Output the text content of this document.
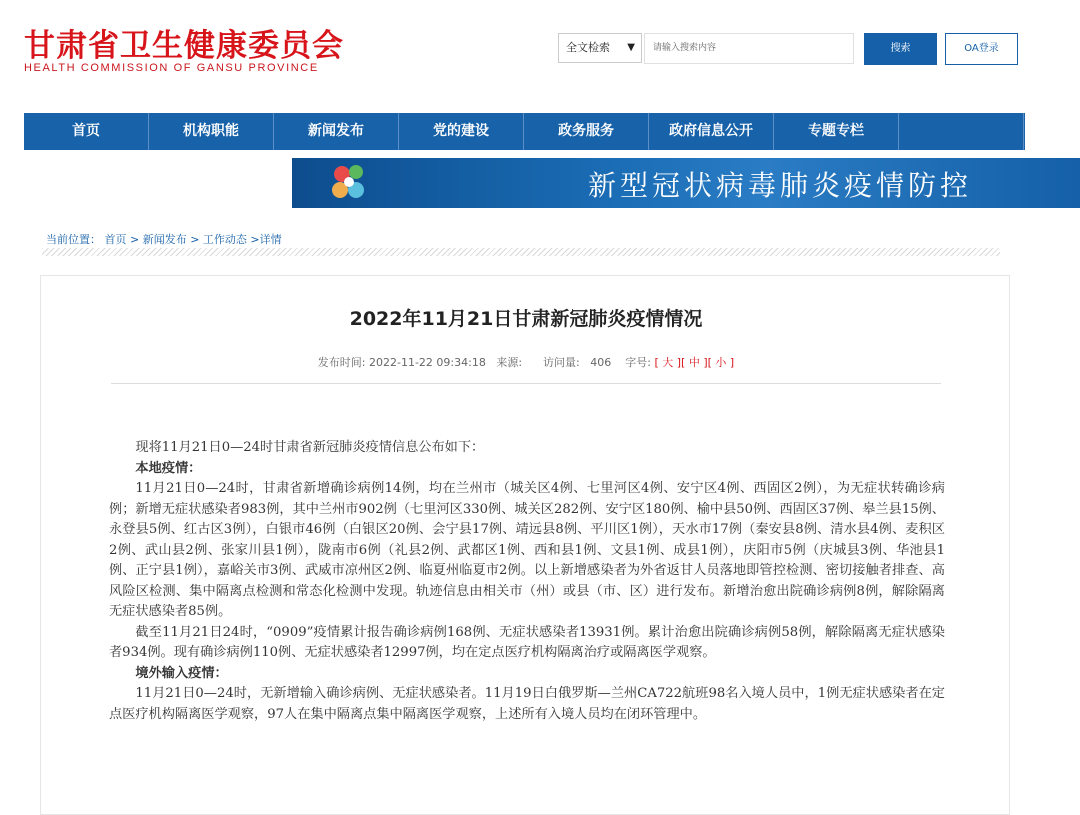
甘肃省卫生健康委员会
HEALTH COMMISSION OF GANSU PROVINCE
全文检索 ▼	请输入搜索内容	搜索	OA登录
首页	机构职能	新闻发布	党的建设	政务服务	政府信息公开	专题专栏
深化医改	新型冠状病毒肺炎疫情防控
当前位置： 首页 > 新闻发布 > 工作动态 >详情
2022年11月21日甘肃新冠肺炎疫情情况
发布时间: 2022-11-22 09:34:18 来源: 访问量: 406 字号: [ 大 ][ 中 ][ 小 ]

现将11月21日0—24时甘肃省新冠肺炎疫情信息公布如下：

本地疫情：

11月21日0—24时，甘肃省新增确诊病例14例，均在兰州市（城关区4例、七里河区4例、安宁区4例、西固区2例），为无症状转确诊病例；新增无症状感染者983例，其中兰州市902例（七里河区330例、城关区282例、安宁区180例、榆中县50例、西固区37例、皋兰县15例、永登县5例、红古区3例），白银市46例（白银区20例、会宁县17例、靖远县8例、平川区1例），天水市17例（秦安县8例、清水县4例、麦积区2例、武山县2例、张家川县1例），陇南市6例（礼县2例、武都区1例、西和县1例、文县1例、成县1例），庆阳市5例（庆城县3例、华池县1例、正宁县1例），嘉峪关市3例、武威市凉州区2例、临夏州临夏市2例。以上新增感染者为外省返甘人员落地即管控检测、密切接触者排查、高风险区检测、集中隔离点检测和常态化检测中发现。轨迹信息由相关市（州）或县（市、区）进行发布。新增治愈出院确诊病例8例，解除隔离无症状感染者85例。

截至11月21日24时，“0909”疫情累计报告确诊病例168例、无症状感染者13931例。累计治愈出院确诊病例58例，解除隔离无症状感染者934例。现有确诊病例110例、无症状感染者12997例，均在定点医疗机构隔离治疗或隔离医学观察。

境外输入疫情：

11月21日0—24时，无新增输入确诊病例、无症状感染者。11月19日白俄罗斯—兰州CA722航班98名入境人员中，1例无症状感染者在定点医疗机构隔离医学观察，97人在集中隔离点集中隔离医学观察，上述所有入境人员均在闭环管理中。
